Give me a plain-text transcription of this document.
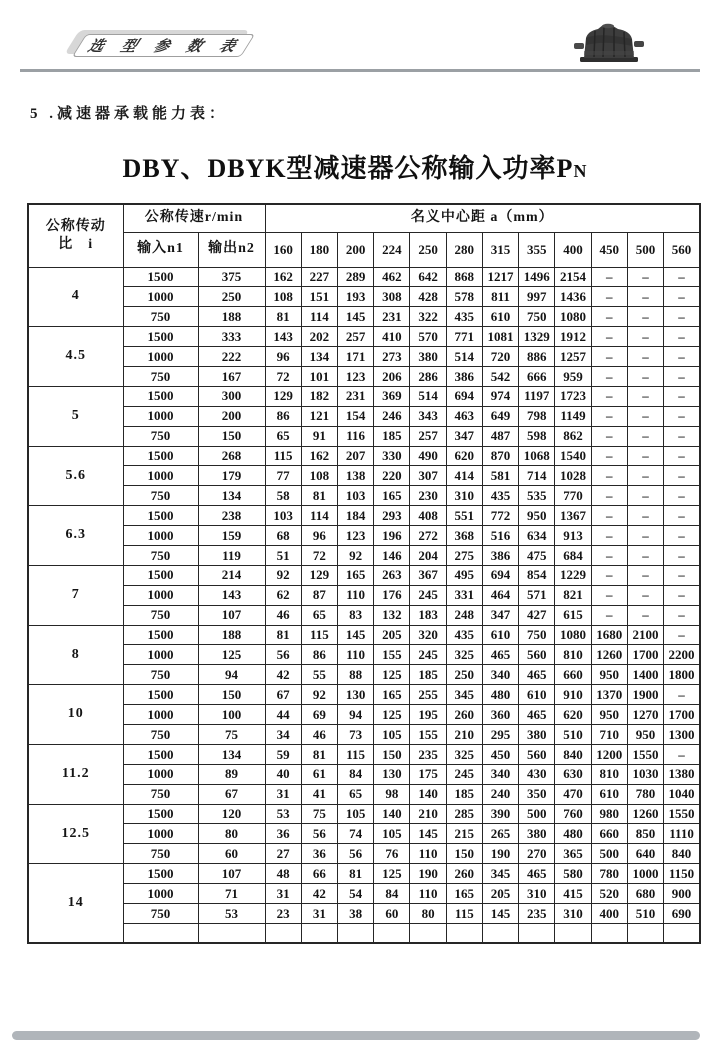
选 型 参 数 表
5 .减速器承载能力表：
DBY、DBYK型减速器公称输入功率PN
公称传动
比　i	公称传速r/min		名义中心距 a（mm）											
	输入n1	输出n2	160	180	200	224	250	280	315	355	400	450	500	560
4	1500	375	162	227	289	462	642	868	1217	1496	2154	–	–	–
	1000	250	108	151	193	308	428	578	811	997	1436	–	–	–
	750	188	81	114	145	231	322	435	610	750	1080	–	–	–
4.5	1500	333	143	202	257	410	570	771	1081	1329	1912	–	–	–
	1000	222	96	134	171	273	380	514	720	886	1257	–	–	–
	750	167	72	101	123	206	286	386	542	666	959	–	–	–
5	1500	300	129	182	231	369	514	694	974	1197	1723	–	–	–
	1000	200	86	121	154	246	343	463	649	798	1149	–	–	–
	750	150	65	91	116	185	257	347	487	598	862	–	–	–
5.6	1500	268	115	162	207	330	490	620	870	1068	1540	–	–	–
	1000	179	77	108	138	220	307	414	581	714	1028	–	–	–
	750	134	58	81	103	165	230	310	435	535	770	–	–	–
6.3	1500	238	103	114	184	293	408	551	772	950	1367	–	–	–
	1000	159	68	96	123	196	272	368	516	634	913	–	–	–
	750	119	51	72	92	146	204	275	386	475	684	–	–	–
7	1500	214	92	129	165	263	367	495	694	854	1229	–	–	–
	1000	143	62	87	110	176	245	331	464	571	821	–	–	–
	750	107	46	65	83	132	183	248	347	427	615	–	–	–
8	1500	188	81	115	145	205	320	435	610	750	1080	1680	2100	–
	1000	125	56	86	110	155	245	325	465	560	810	1260	1700	2200
	750	94	42	55	88	125	185	250	340	465	660	950	1400	1800
10	1500	150	67	92	130	165	255	345	480	610	910	1370	1900	–
	1000	100	44	69	94	125	195	260	360	465	620	950	1270	1700
	750	75	34	46	73	105	155	210	295	380	510	710	950	1300
11.2	1500	134	59	81	115	150	235	325	450	560	840	1200	1550	–
	1000	89	40	61	84	130	175	245	340	430	630	810	1030	1380
	750	67	31	41	65	98	140	185	240	350	470	610	780	1040
12.5	1500	120	53	75	105	140	210	285	390	500	760	980	1260	1550
	1000	80	36	56	74	105	145	215	265	380	480	660	850	1110
	750	60	27	36	56	76	110	150	190	270	365	500	640	840
14	1500	107	48	66	81	125	190	260	345	465	580	780	1000	1150
	1000	71	31	42	54	84	110	165	205	310	415	520	680	900
	750	53	23	31	38	60	80	115	145	235	310	400	510	690
